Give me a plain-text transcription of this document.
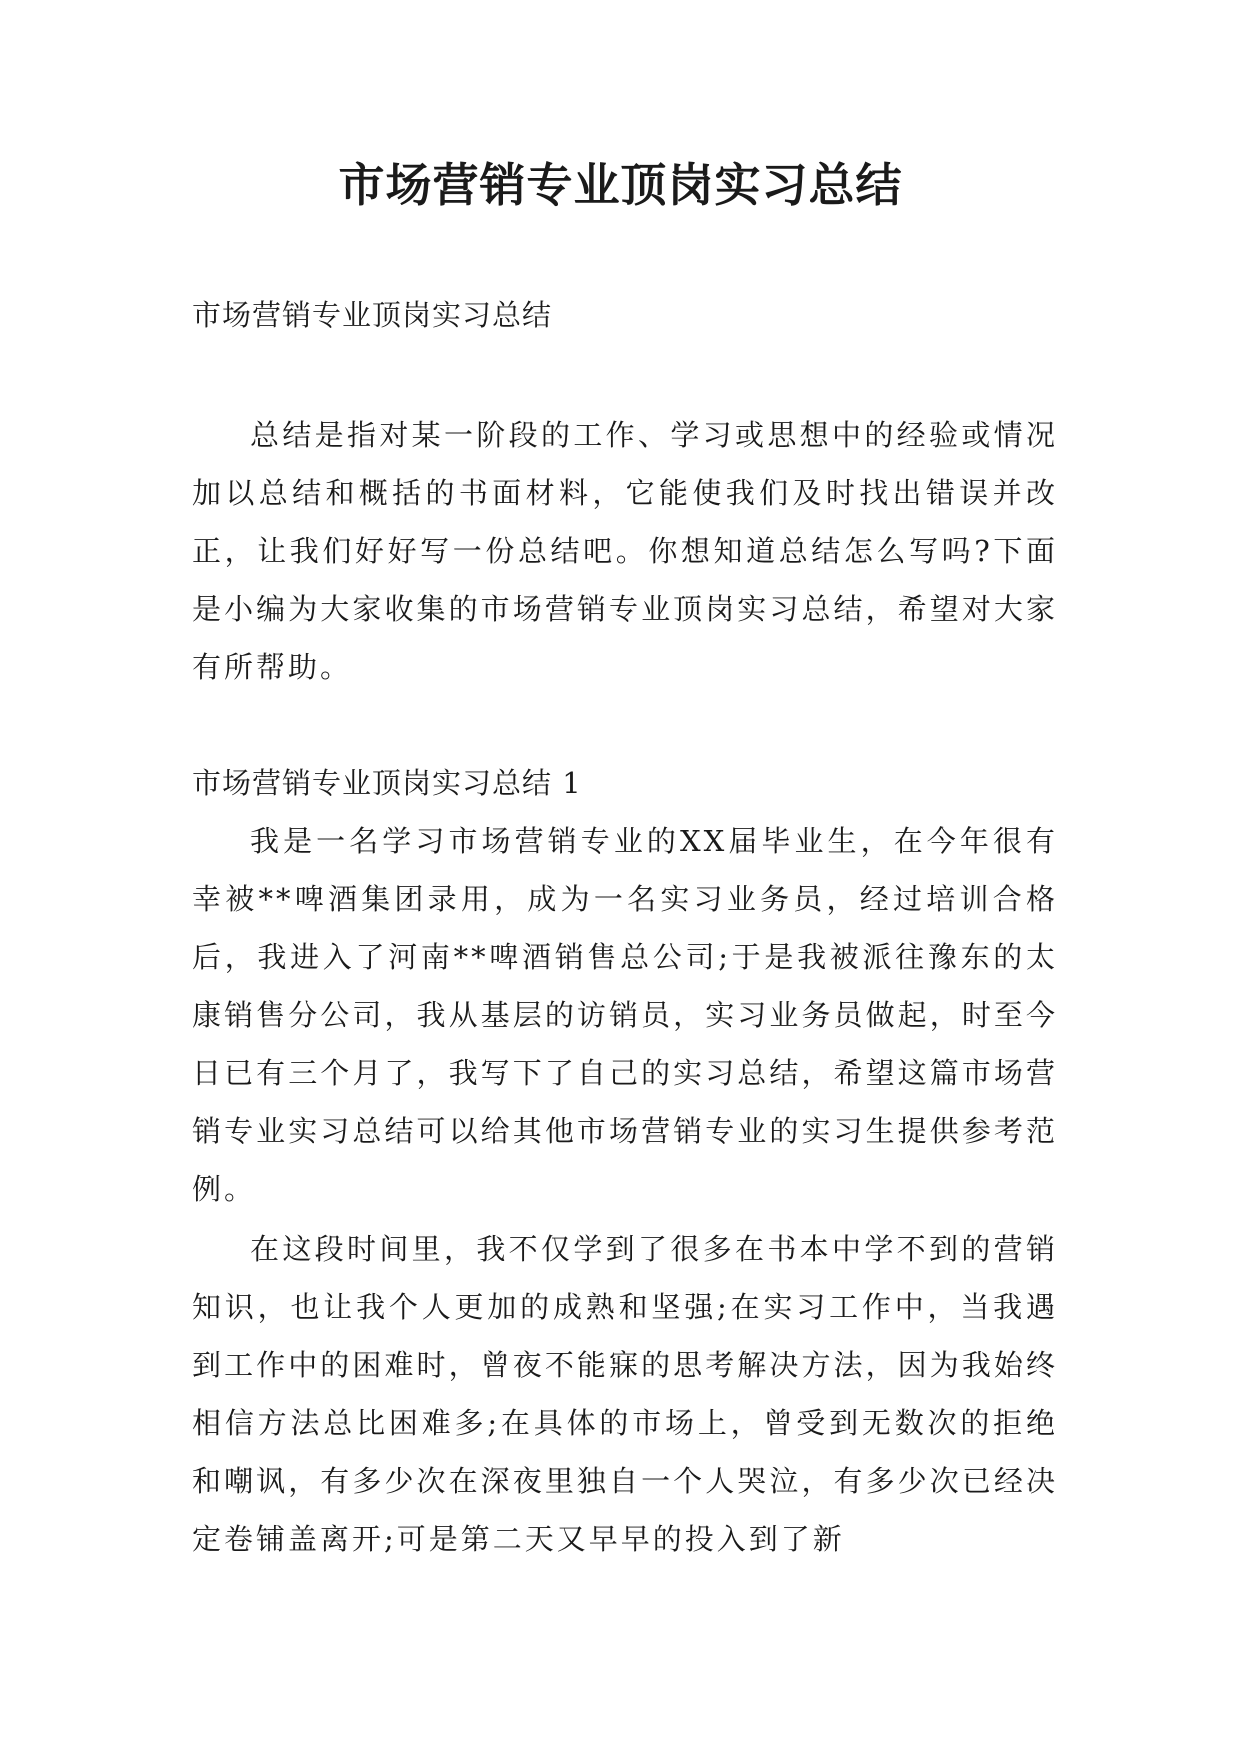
市场营销专业顶岗实习总结

市场营销专业顶岗实习总结

总结是指对某一阶段的工作、学习或思想中的经验或情况加以总结和概括的书面材料，它能使我们及时找出错误并改正，让我们好好写一份总结吧。你想知道总结怎么写吗?下面是小编为大家收集的市场营销专业顶岗实习总结，希望对大家有所帮助。

市场营销专业顶岗实习总结 1

我是一名学习市场营销专业的XX届毕业生，在今年很有幸被**啤酒集团录用，成为一名实习业务员，经过培训合格后，我进入了河南**啤酒销售总公司;于是我被派往豫东的太康销售分公司，我从基层的访销员，实习业务员做起，时至今日已有三个月了，我写下了自己的实习总结，希望这篇市场营销专业实习总结可以给其他市场营销专业的实习生提供参考范例。

在这段时间里，我不仅学到了很多在书本中学不到的营销知识，也让我个人更加的成熟和坚强;在实习工作中，当我遇到工作中的困难时，曾夜不能寐的思考解决方法，因为我始终相信方法总比困难多;在具体的市场上，曾受到无数次的拒绝和嘲讽，有多少次在深夜里独自一个人哭泣，有多少次已经决定卷铺盖离开;可是第二天又早早的投入到了新
